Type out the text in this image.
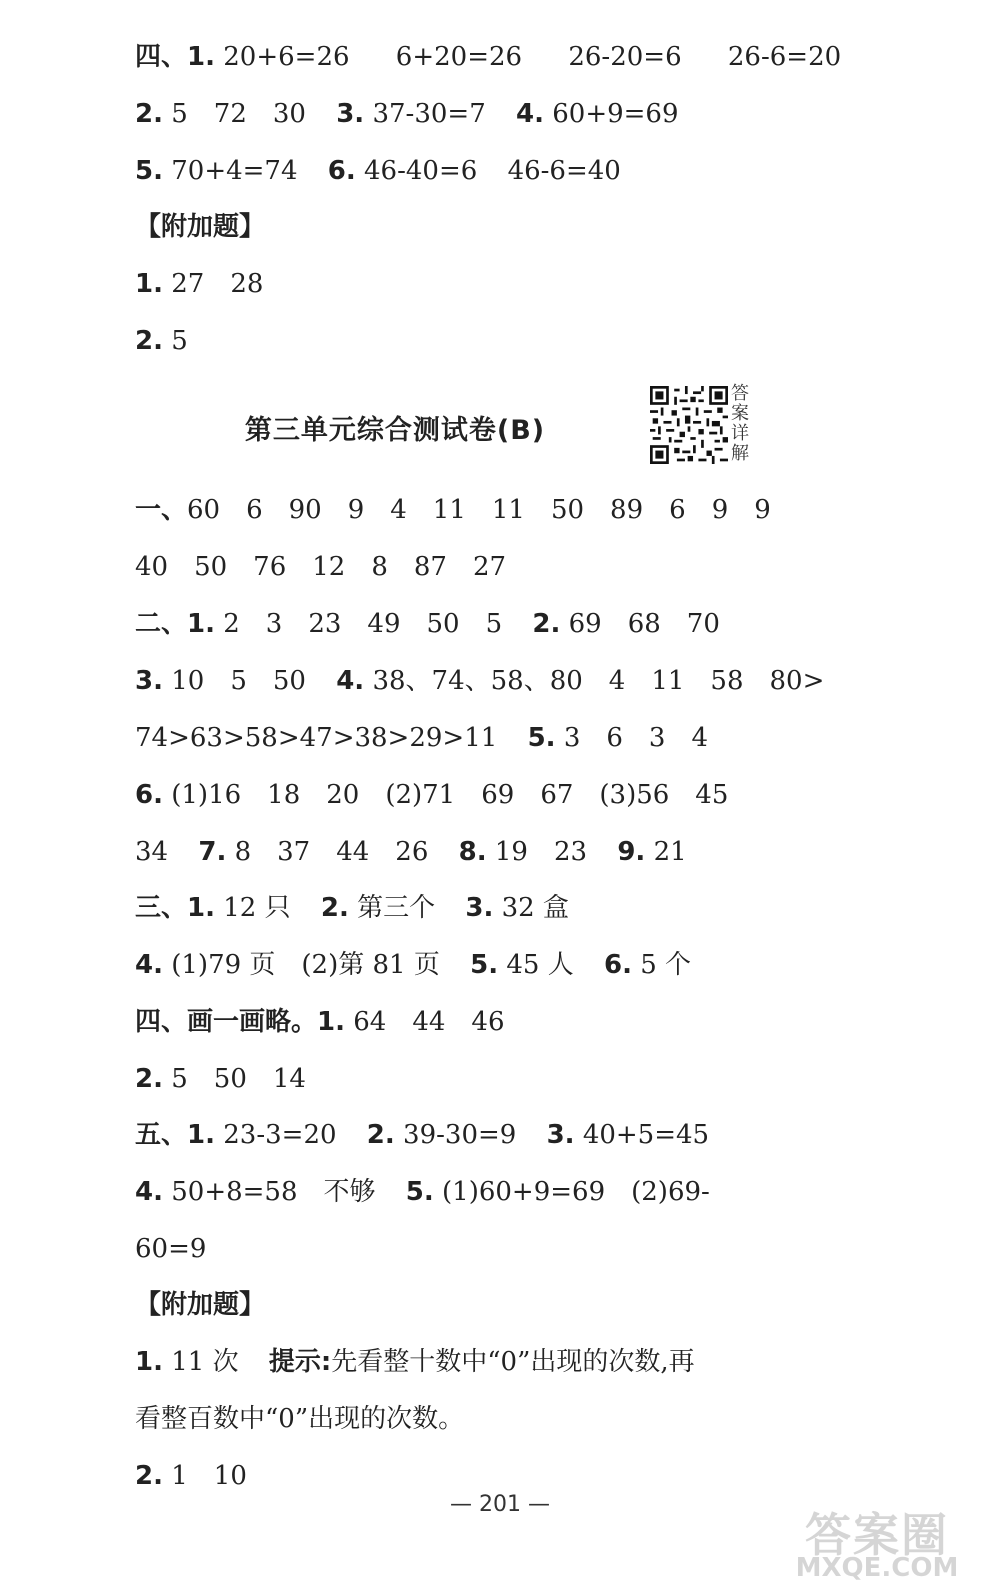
四、1. 20+6=26 6+20=26 26-20=6 26-6=20
2. 5　72　30 3. 37-30=7 4. 60+9=69
5. 70+4=74 6. 46-40=6 46-6=40
【附加题】
1. 27　28
2. 5
第三单元综合测试卷(B)
答案详解
一、60　6　90　9　4　11　11　50　89　6　9　9
40　50　76　12　8　87　27
二、1. 2　3　23　49　50　5 2. 69　68　70
3. 10　5　50 4. 38、74、58、80　4　11　58　80>
74>63>58>47>38>29>11 5. 3　6　3　4
6. (1)16　18　20　(2)71　69　67　(3)56　45
34 7. 8　37　44　26 8. 19　23 9. 21
三、1. 12 只 2. 第三个 3. 32 盒
4. (1)79 页　(2)第 81 页 5. 45 人 6. 5 个
四、画一画略。1. 64　44　46
2. 5　50　14
五、1. 23-3=20 2. 39-30=9 3. 40+5=45
4. 50+8=58　不够 5. (1)60+9=69　(2)69-
60=9
【附加题】
1. 11 次 提示:先看整十数中“0”出现的次数,再
看整百数中“0”出现的次数。
2. 1　10
— 201 —
答案圈
MXQE.COM
